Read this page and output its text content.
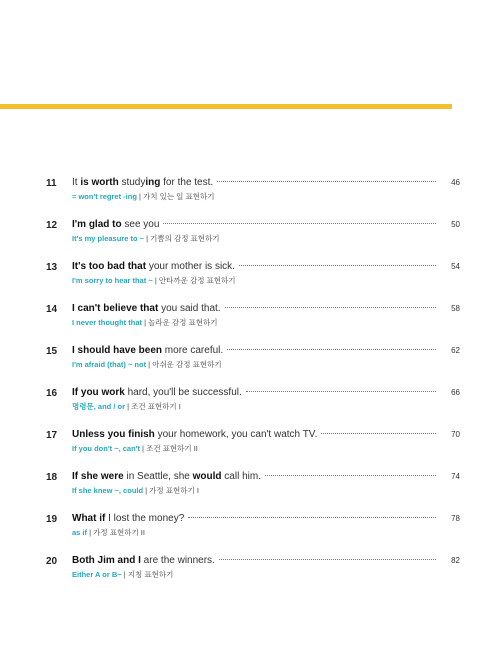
11 It is worth studying for the test.	46
= won't regret -ing | 가치 있는 일 표현하기
12 I'm glad to see you	50
It's my pleasure to ~ | 기쁨의 감정 표현하기
13 It's too bad that your mother is sick.	54
I'm sorry to hear that ~ | 안타까운 감정 표현하기
14 I can't believe that you said that.	58
I never thought that | 놀라운 감정 표현하기
15 I should have been more careful.	62
I'm afraid (that) ~ not | 아쉬운 감정 표현하기
16 If you work hard, you'll be successful.	66
명령문, and / or | 조건 표현하기 I
17 Unless you finish your homework, you can't watch TV.	70
If you don't ~, can't | 조건 표현하기 II
18 If she were in Seattle, she would call him.	74
If she knew ~, could | 가정 표현하기 I
19 What if I lost the money?	78
as if | 가정 표현하기 II
20 Both Jim and I are the winners.	82
Either A or B~ | 지칭 표현하기
